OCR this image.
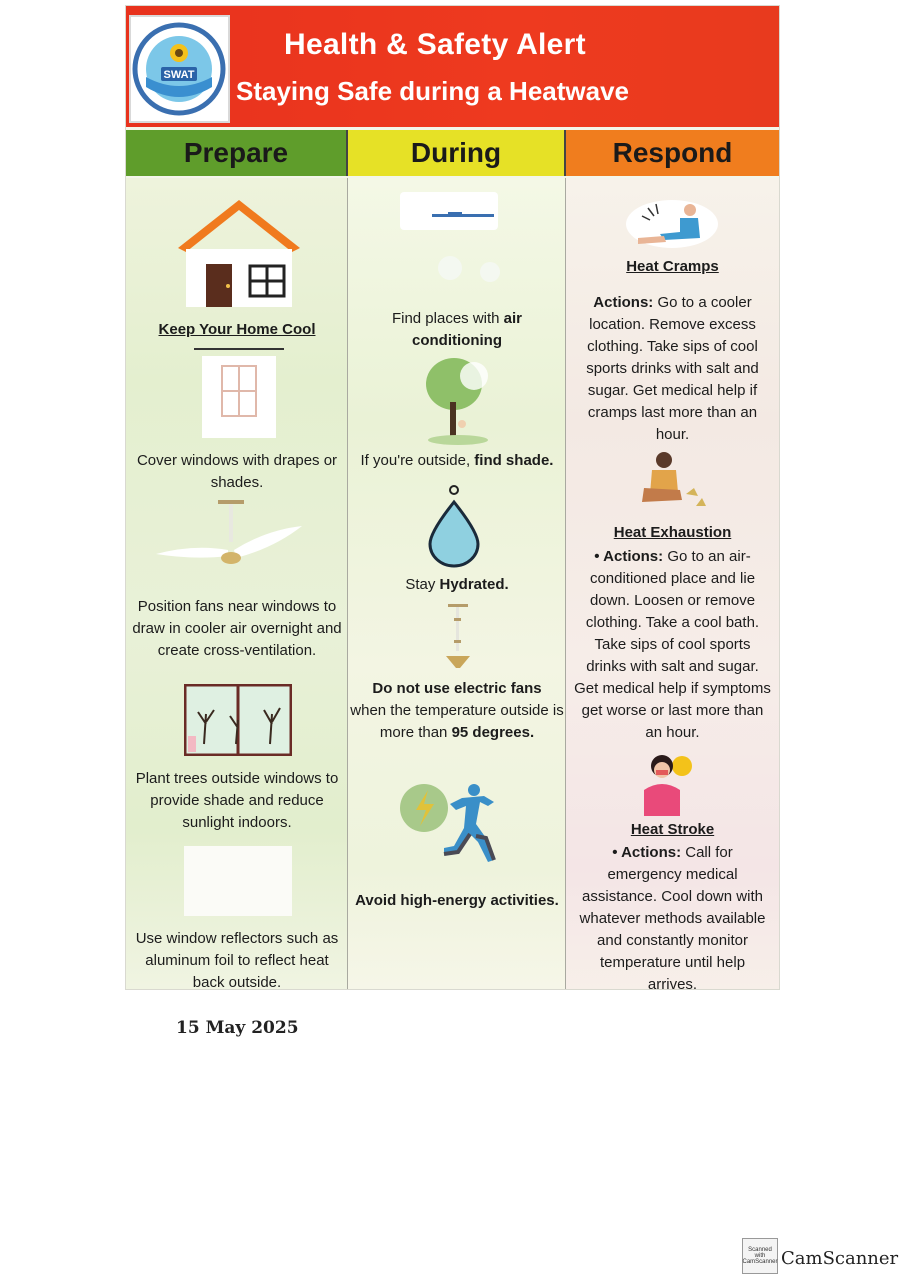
SWAT
Health & Safety Alert
Staying Safe during a Heatwave
Prepare	During	Respond
Keep Your Home Cool
Cover windows with drapes or shades.
Position fans near windows to draw in cooler air overnight and create cross-ventilation.
Plant trees outside windows to provide shade and reduce sunlight indoors.
Use window reflectors such as aluminum foil to reflect heat back outside.
Find places with air conditioning
If you're outside, find shade.
Stay Hydrated.
Do not use electric fans
when the temperature outside is more than 95 degrees.
Avoid high-energy activities.
Heat Cramps
Actions: Go to a cooler location. Remove excess clothing. Take sips of cool sports drinks with salt and sugar. Get medical help if cramps last more than an hour.
Heat Exhaustion
• Actions: Go to an air-conditioned place and lie down. Loosen or remove clothing. Take a cool bath. Take sips of cool sports drinks with salt and sugar. Get medical help if symptoms get worse or last more than an hour.
Heat Stroke
• Actions: Call for emergency medical assistance. Cool down with whatever methods available and constantly monitor temperature until help arrives.
15 May 2025
Scanned with CamScanner CamScanner
